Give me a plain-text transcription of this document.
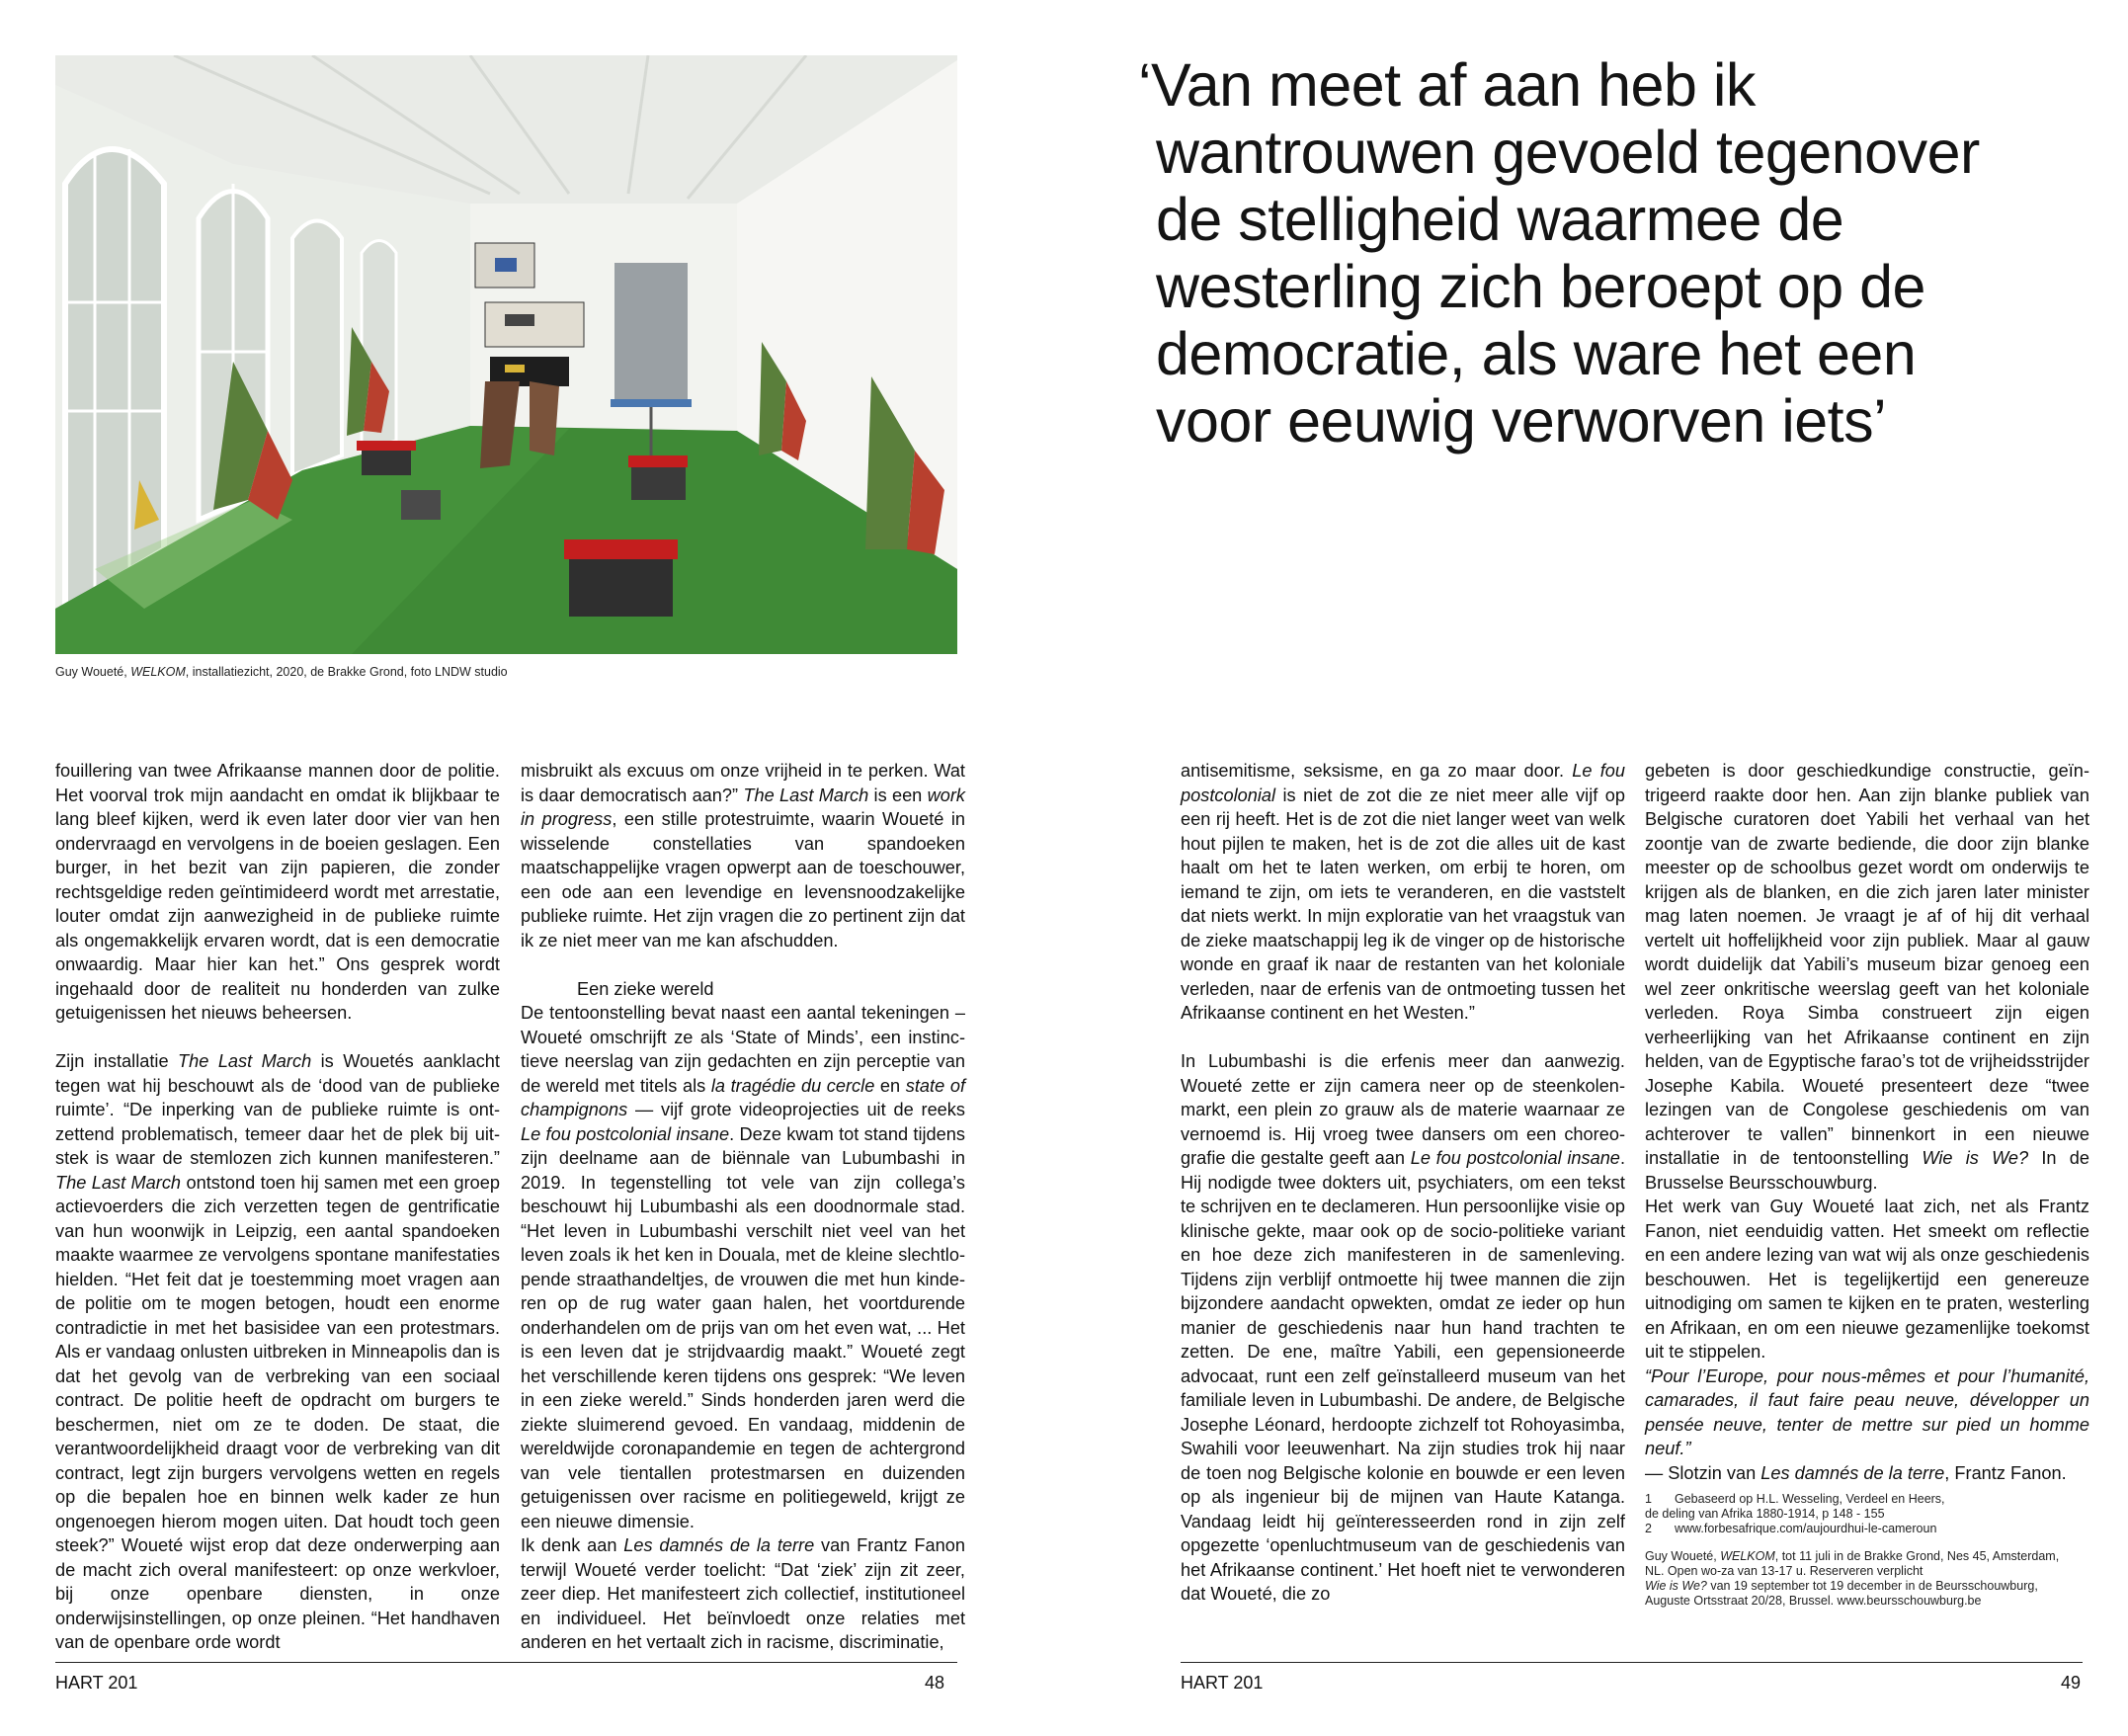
Guy Woueté, WELKOM, installatiezicht, 2020, de Brakke Grond, foto LNDW studio
‘Van meet af aan heb ik
wantrouwen gevoeld tegenover
de stelligheid waarmee de
westerling zich beroept op de
democratie, als ware het een
voor eeuwig verworven iets’

fouillering van twee Afrikaanse mannen door de politie. Het voorval trok mijn aandacht en omdat ik blijkbaar te lang bleef kijken, werd ik even later door vier van hen ondervraagd en vervolgens in de boeien geslagen. Een burger, in het bezit van zijn papieren, die zonder rechtsgeldige reden geïntimideerd wordt met arrestatie, louter omdat zijn aanwezigheid in de publieke ruimte als ongemakkelijk ervaren wordt, dat is een democratie onwaardig. Maar hier kan het.” Ons gesprek wordt ingehaald door de realiteit nu honderden van zulke getuigenissen het nieuws beheersen.

Zijn installatie The Last March is Wouetés aanklacht tegen wat hij beschouwt als de ‘dood van de publieke ruimte’. “De inperking van de publieke ruimte is ontzettend problematisch, temeer daar het de plek bij uitstek is waar de stemlozen zich kunnen manifesteren.” The Last March ontstond toen hij samen met een groep actievoerders die zich verzetten tegen de gentrificatie van hun woonwijk in Leipzig, een aantal spandoeken maakte waarmee ze vervolgens spontane manifestaties hielden. “Het feit dat je toestemming moet vragen aan de politie om te mogen betogen, houdt een enorme contradictie in met het basisidee van een protestmars. Als er vandaag onlusten uitbreken in Minneapolis dan is dat het gevolg van de verbreking van een sociaal contract. De politie heeft de opdracht om burgers te beschermen, niet om ze te doden. De staat, die verantwoordelijkheid draagt voor de verbreking van dit contract, legt zijn burgers vervolgens wetten en regels op die bepalen hoe en binnen welk kader ze hun ongenoegen hierom mogen uiten. Dat houdt toch geen steek?” Woueté wijst erop dat deze onderwerping aan de macht zich overal manifesteert: op onze werkvloer, bij onze openbare diensten, in onze onderwijsinstellingen, op onze pleinen. “Het handhaven van de openbare orde wordt

misbruikt als excuus om onze vrijheid in te perken. Wat is daar democratisch aan?” The Last March is een work in progress, een stille protestruimte, waarin Woueté in wisselende constellaties van spandoeken maatschappelijke vragen opwerpt aan de toeschouwer, een ode aan een levendige en levensnoodzakelijke publieke ruimte. Het zijn vragen die zo pertinent zijn dat ik ze niet meer van me kan afschudden.

Een zieke wereld

De tentoonstelling bevat naast een aantal tekeningen – Woueté omschrijft ze als ‘State of Minds’, een instinctieve neerslag van zijn gedachten en zijn perceptie van de wereld met titels als la tragédie du cercle en state of champignons — vijf grote videoprojecties uit de reeks Le fou postcolonial insane. Deze kwam tot stand tijdens zijn deelname aan de biënnale van Lubumbashi in 2019. In tegenstelling tot vele van zijn collega’s beschouwt hij Lubumbashi als een doodnormale stad. “Het leven in Lubumbashi verschilt niet veel van het leven zoals ik het ken in Douala, met de kleine slechtlopende straathandeltjes, de vrouwen die met hun kinderen op de rug water gaan halen, het voortdurende onderhandelen om de prijs van om het even wat, ... Het is een leven dat je strijdvaardig maakt.” Woueté zegt het verschillende keren tijdens ons gesprek: “We leven in een zieke wereld.” Sinds honderden jaren werd die ziekte sluimerend gevoed. En vandaag, middenin de wereldwijde coronapandemie en tegen de achtergrond van vele tientallen protestmarsen en duizenden getuigenissen over racisme en politiegeweld, krijgt ze een nieuwe dimensie.

Ik denk aan Les damnés de la terre van Frantz Fanon terwijl Woueté verder toelicht: “Dat ‘ziek’ zijn zit zeer, zeer diep. Het manifesteert zich collectief, institutioneel en individueel. Het beïnvloedt onze relaties met anderen en het vertaalt zich in racisme, discriminatie,

antisemitisme, seksisme, en ga zo maar door. Le fou postcolonial is niet de zot die ze niet meer alle vijf op een rij heeft. Het is de zot die niet langer weet van welk hout pijlen te maken, het is de zot die alles uit de kast haalt om het te laten werken, om erbij te horen, om iemand te zijn, om iets te veranderen, en die vaststelt dat niets werkt. In mijn exploratie van het vraagstuk van de zieke maatschappij leg ik de vinger op de historische wonde en graaf ik naar de restanten van het koloniale verleden, naar de erfenis van de ontmoeting tussen het Afrikaanse continent en het Westen.”

In Lubumbashi is die erfenis meer dan aanwezig. Woueté zette er zijn camera neer op de steenkolenmarkt, een plein zo grauw als de materie waarnaar ze vernoemd is. Hij vroeg twee dansers om een choreografie die gestalte geeft aan Le fou postcolonial insane. Hij nodigde twee dokters uit, psychiaters, om een tekst te schrijven en te declameren. Hun persoonlijke visie op klinische gekte, maar ook op de socio-politieke variant en hoe deze zich manifesteren in de samenleving. Tijdens zijn verblijf ontmoette hij twee mannen die zijn bijzondere aandacht opwekten, omdat ze ieder op hun manier de geschiedenis naar hun hand trachten te zetten. De ene, maître Yabili, een gepensioneerde advocaat, runt een zelf geïnstalleerd museum van het familiale leven in Lubumbashi. De andere, de Belgische Josephe Léonard, herdoopte zichzelf tot Rohoyasimba, Swahili voor leeuwenhart. Na zijn studies trok hij naar de toen nog Belgische kolonie en bouwde er een leven op als ingenieur bij de mijnen van Haute Katanga. Vandaag leidt hij geïnteresseerden rond in zijn zelf opgezette ‘openluchtmuseum van de geschiedenis van het Afrikaanse continent.’ Het hoeft niet te verwonderen dat Woueté, die zo

gebeten is door geschiedkundige constructie, geïntrigeerd raakte door hen. Aan zijn blanke publiek van Belgische curatoren doet Yabili het verhaal van het zoontje van de zwarte bediende, die door zijn blanke meester op de schoolbus gezet wordt om onderwijs te krijgen als de blanken, en die zich jaren later minister mag laten noemen. Je vraagt je af of hij dit verhaal vertelt uit hoffelijkheid voor zijn publiek. Maar al gauw wordt duidelijk dat Yabili’s museum bizar genoeg een wel zeer onkritische weerslag geeft van het koloniale verleden. Roya Simba construeert zijn eigen verheerlijking van het Afrikaanse continent en zijn helden, van de Egyptische farao’s tot de vrijheidsstrijder Josephe Kabila. Woueté presenteert deze “twee lezingen van de Congolese geschiedenis om van achterover te vallen” binnenkort in een nieuwe installatie in de tentoonstelling Wie is We? In de Brusselse Beursschouwburg.

Het werk van Guy Woueté laat zich, net als Frantz Fanon, niet eenduidig vatten. Het smeekt om reflectie en een andere lezing van wat wij als onze geschiedenis beschouwen. Het is tegelijkertijd een genereuze uitnodiging om samen te kijken en te praten, westerling en Afrikaan, en om een nieuwe gezamenlijke toekomst uit te stippelen.

“Pour l’Europe, pour nous-mêmes et pour l’humanité, camarades, il faut faire peau neuve, développer un pensée neuve, tenter de mettre sur pied un homme neuf.”

— Slotzin van Les damnés de la terre, Frantz Fanon.

1 Gebaseerd op H.L. Wesseling, Verdeel en Heers,

de deling van Afrika 1880-1914, p 148 - 155

2 www.forbesafrique.com/aujourdhui-le-cameroun

Guy Woueté, WELKOM, tot 11 juli in de Brakke Grond, Nes 45, Amsterdam,

NL. Open wo-za van 13-17 u. Reserveren verplicht

Wie is We? van 19 september tot 19 december in de Beursschouwburg,

Auguste Ortsstraat 20/28, Brussel. www.beursschouwburg.be

HART 201	48	HART 201	49
